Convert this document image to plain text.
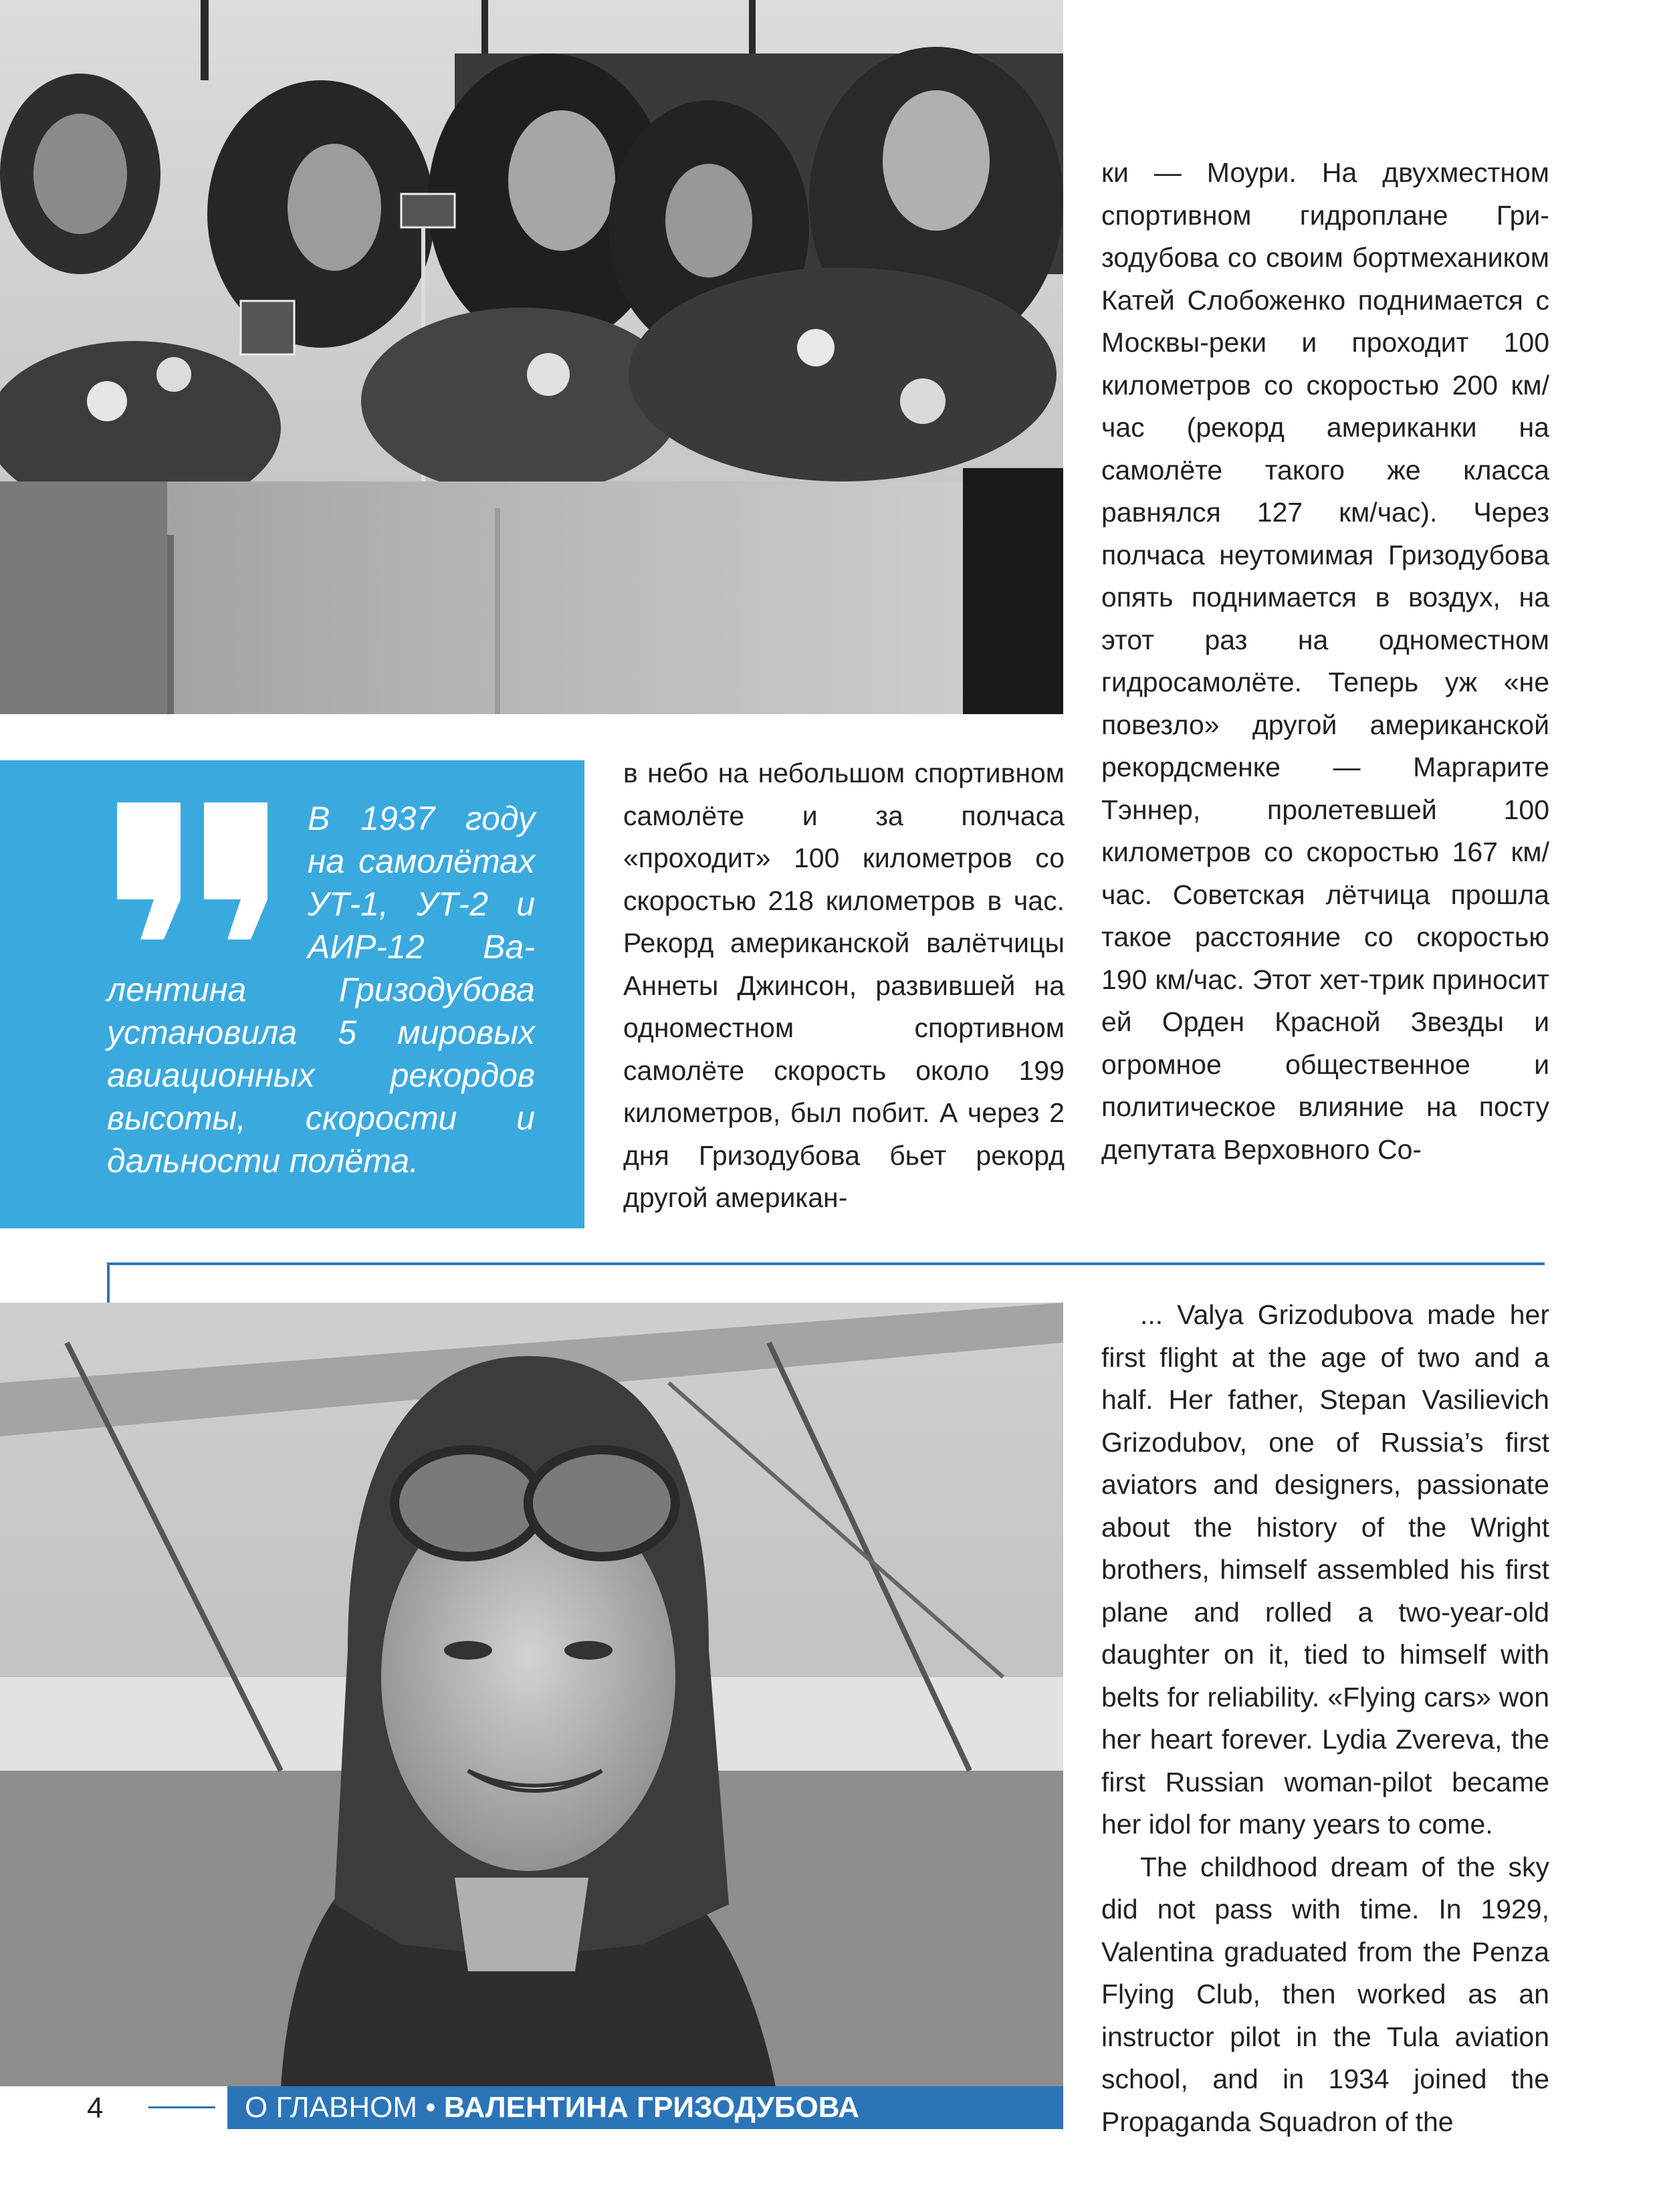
ки — Моури. На двухместном спортивном гидроплане Гризодубова со своим бортмехаником Катей Слобоженко поднимается с Москвы-реки и проходит 100 километров со скоростью 200 км/час (рекорд американки на самолёте такого же класса равнялся 127 км/час). Через полчаса неутомимая Гризодубова опять поднимается в воздух, на этот раз на одноместном гидросамолёте. Теперь уж «не повезло» другой американской рекордсменке — Маргарите Тэннер, пролетевшей 100 километров со скоростью 167 км/час. Советская лётчица прошла такое расстояние со скоростью 190 км/час. Этот хет-трик приносит ей Орден Красной Звезды и огромное общественное и политическое влияние на посту депутата Верховного Со-

В 1937 году на самолётах УТ-1, УТ-2 и АИР-12 Валентина Гризодубова установила 5 мировых авиационных рекордов высоты, скорости и дальности полёта.

в небо на небольшом спортивном самолёте и за полчаса «проходит» 100 километров со скоростью 218 километров в час. Рекорд американской валётчицы Аннеты Джинсон, развившей на одноместном спортивном самолёте скорость около 199 километров, был побит. А через 2 дня Гризодубова бьет рекорд другой американ-

... Valya Grizodubova made her first flight at the age of two and a half. Her father, Stepan Vasilievich Grizodubov, one of Russia’s first aviators and designers, passionate about the history of the Wright brothers, himself assembled his first plane and rolled a two-year-old daughter on it, tied to himself with belts for reliability. «Flying cars» won her heart forever. Lydia Zvereva, the first Russian woman-pilot became her idol for many years to come.

The childhood dream of the sky did not pass with time. In 1929, Valentina graduated from the Penza Flying Club, then worked as an instructor pilot in the Tula aviation school, and in 1934 joined the Propaganda Squadron of the

4	О ГЛАВНОМ • ВАЛЕНТИНА ГРИЗОДУБОВА
